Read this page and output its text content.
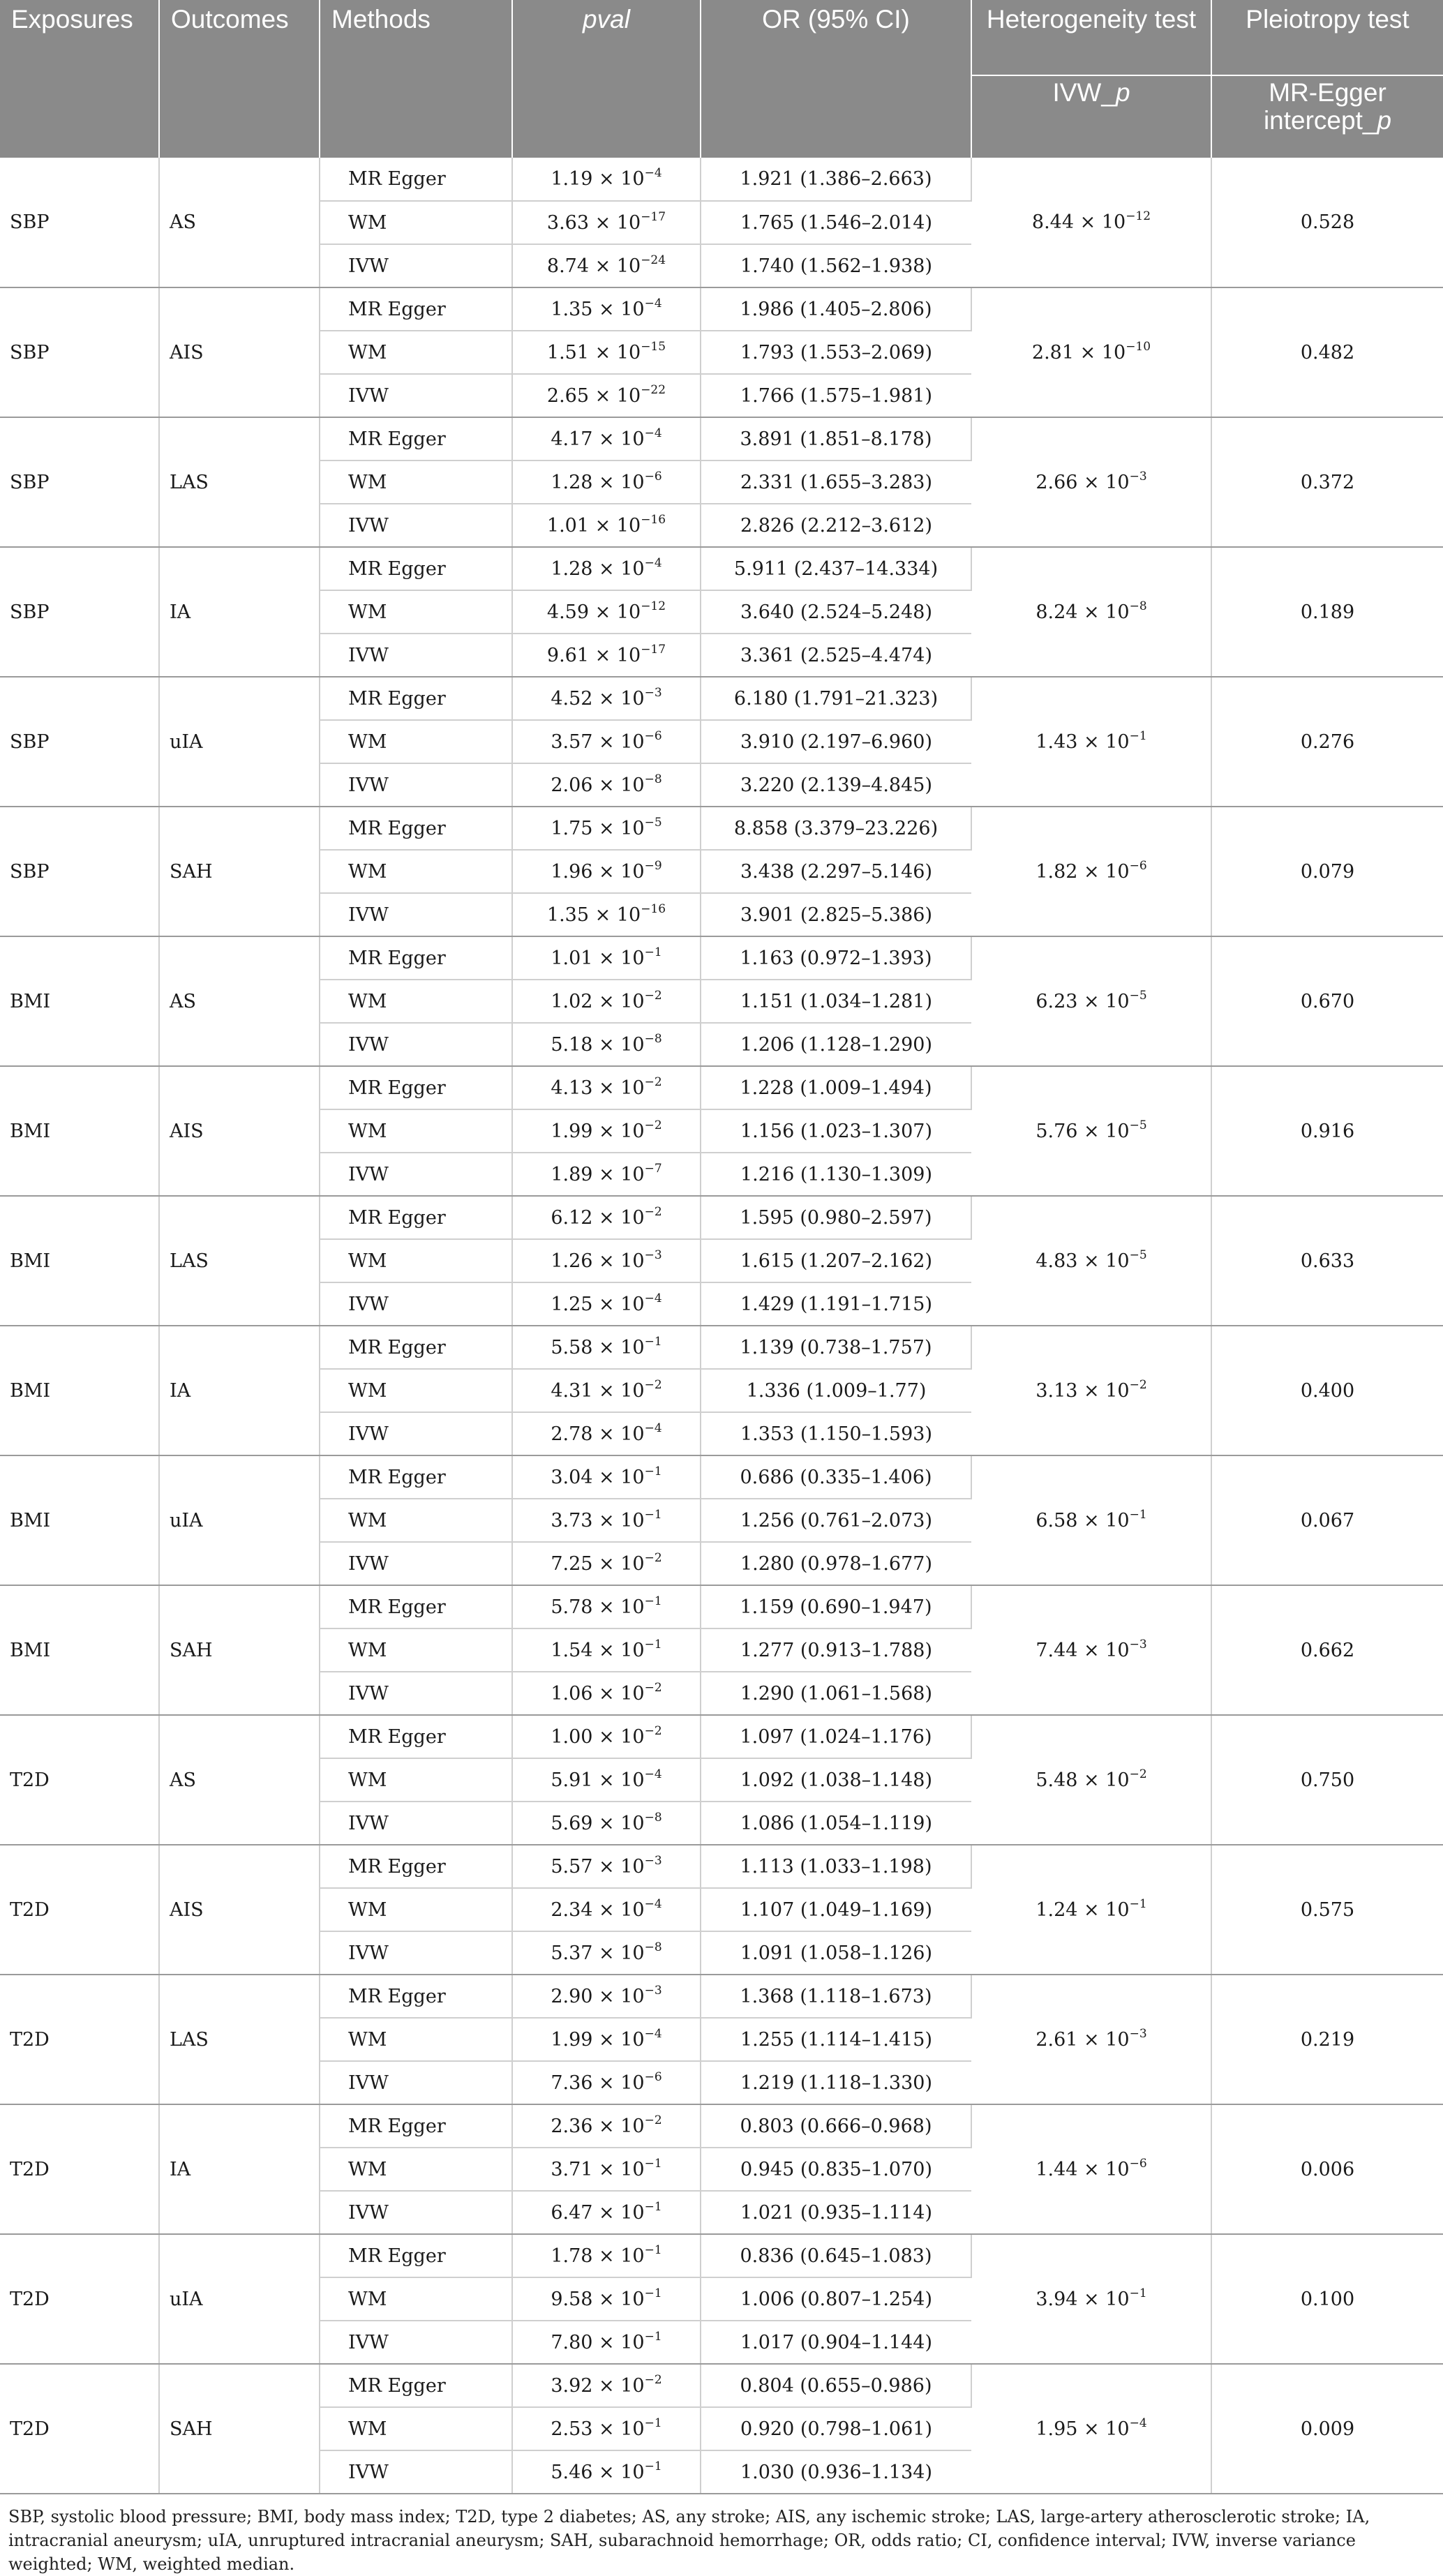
Exposures	Outcomes	Methods	pval	OR (95% CI)	Heterogeneity test	Pleiotropy test
					IVW_p	MR-Egger intercept_p
SBP	AS	MR Egger	$1.19 \times 10^{-4}$	1.921 (1.386–2.663)	$8.44 \times 10^{-12}$	0.528
		WM	$3.63 \times 10^{-17}$	1.765 (1.546–2.014)		
		IVW	$8.74 \times 10^{-24}$	1.740 (1.562–1.938)		
SBP	AIS	MR Egger	$1.35 \times 10^{-4}$	1.986 (1.405–2.806)	$2.81 \times 10^{-10}$	0.482
		WM	$1.51 \times 10^{-15}$	1.793 (1.553–2.069)		
		IVW	$2.65 \times 10^{-22}$	1.766 (1.575–1.981)		
SBP	LAS	MR Egger	$4.17 \times 10^{-4}$	3.891 (1.851–8.178)	$2.66 \times 10^{-3}$	0.372
		WM	$1.28 \times 10^{-6}$	2.331 (1.655–3.283)		
		IVW	$1.01 \times 10^{-16}$	2.826 (2.212–3.612)		
SBP	IA	MR Egger	$1.28 \times 10^{-4}$	5.911 (2.437–14.334)	$8.24 \times 10^{-8}$	0.189
		WM	$4.59 \times 10^{-12}$	3.640 (2.524–5.248)		
		IVW	$9.61 \times 10^{-17}$	3.361 (2.525–4.474)		
SBP	uIA	MR Egger	$4.52 \times 10^{-3}$	6.180 (1.791–21.323)	$1.43 \times 10^{-1}$	0.276
		WM	$3.57 \times 10^{-6}$	3.910 (2.197–6.960)		
		IVW	$2.06 \times 10^{-8}$	3.220 (2.139–4.845)		
SBP	SAH	MR Egger	$1.75 \times 10^{-5}$	8.858 (3.379–23.226)	$1.82 \times 10^{-6}$	0.079
		WM	$1.96 \times 10^{-9}$	3.438 (2.297–5.146)		
		IVW	$1.35 \times 10^{-16}$	3.901 (2.825–5.386)		
BMI	AS	MR Egger	$1.01 \times 10^{-1}$	1.163 (0.972–1.393)	$6.23 \times 10^{-5}$	0.670
		WM	$1.02 \times 10^{-2}$	1.151 (1.034–1.281)		
		IVW	$5.18 \times 10^{-8}$	1.206 (1.128–1.290)		
BMI	AIS	MR Egger	$4.13 \times 10^{-2}$	1.228 (1.009–1.494)	$5.76 \times 10^{-5}$	0.916
		WM	$1.99 \times 10^{-2}$	1.156 (1.023–1.307)		
		IVW	$1.89 \times 10^{-7}$	1.216 (1.130–1.309)		
BMI	LAS	MR Egger	$6.12 \times 10^{-2}$	1.595 (0.980–2.597)	$4.83 \times 10^{-5}$	0.633
		WM	$1.26 \times 10^{-3}$	1.615 (1.207–2.162)		
		IVW	$1.25 \times 10^{-4}$	1.429 (1.191–1.715)		
BMI	IA	MR Egger	$5.58 \times 10^{-1}$	1.139 (0.738–1.757)	$3.13 \times 10^{-2}$	0.400
		WM	$4.31 \times 10^{-2}$	1.336 (1.009–1.77)		
		IVW	$2.78 \times 10^{-4}$	1.353 (1.150–1.593)		
BMI	uIA	MR Egger	$3.04 \times 10^{-1}$	0.686 (0.335–1.406)	$6.58 \times 10^{-1}$	0.067
		WM	$3.73 \times 10^{-1}$	1.256 (0.761–2.073)		
		IVW	$7.25 \times 10^{-2}$	1.280 (0.978–1.677)		
BMI	SAH	MR Egger	$5.78 \times 10^{-1}$	1.159 (0.690–1.947)	$7.44 \times 10^{-3}$	0.662
		WM	$1.54 \times 10^{-1}$	1.277 (0.913–1.788)		
		IVW	$1.06 \times 10^{-2}$	1.290 (1.061–1.568)		
T2D	AS	MR Egger	$1.00 \times 10^{-2}$	1.097 (1.024–1.176)	$5.48 \times 10^{-2}$	0.750
		WM	$5.91 \times 10^{-4}$	1.092 (1.038–1.148)		
		IVW	$5.69 \times 10^{-8}$	1.086 (1.054–1.119)		
T2D	AIS	MR Egger	$5.57 \times 10^{-3}$	1.113 (1.033–1.198)	$1.24 \times 10^{-1}$	0.575
		WM	$2.34 \times 10^{-4}$	1.107 (1.049–1.169)		
		IVW	$5.37 \times 10^{-8}$	1.091 (1.058–1.126)		
T2D	LAS	MR Egger	$2.90 \times 10^{-3}$	1.368 (1.118–1.673)	$2.61 \times 10^{-3}$	0.219
		WM	$1.99 \times 10^{-4}$	1.255 (1.114–1.415)		
		IVW	$7.36 \times 10^{-6}$	1.219 (1.118–1.330)		
T2D	IA	MR Egger	$2.36 \times 10^{-2}$	0.803 (0.666–0.968)	$1.44 \times 10^{-6}$	0.006
		WM	$3.71 \times 10^{-1}$	0.945 (0.835–1.070)		
		IVW	$6.47 \times 10^{-1}$	1.021 (0.935–1.114)		
T2D	uIA	MR Egger	$1.78 \times 10^{-1}$	0.836 (0.645–1.083)	$3.94 \times 10^{-1}$	0.100
		WM	$9.58 \times 10^{-1}$	1.006 (0.807–1.254)		
		IVW	$7.80 \times 10^{-1}$	1.017 (0.904–1.144)		
T2D	SAH	MR Egger	$3.92 \times 10^{-2}$	0.804 (0.655–0.986)	$1.95 \times 10^{-4}$	0.009
		WM	$2.53 \times 10^{-1}$	0.920 (0.798–1.061)		
		IVW	$5.46 \times 10^{-1}$	1.030 (0.936–1.134)		
SBP, systolic blood pressure; BMI, body mass index; T2D, type 2 diabetes; AS, any stroke; AIS, any ischemic stroke; LAS, large-artery atherosclerotic stroke; IA, intracranial aneurysm; uIA, unruptured intracranial aneurysm; SAH, subarachnoid hemorrhage; OR, odds ratio; CI, confidence interval; IVW, inverse variance weighted; WM, weighted median.
